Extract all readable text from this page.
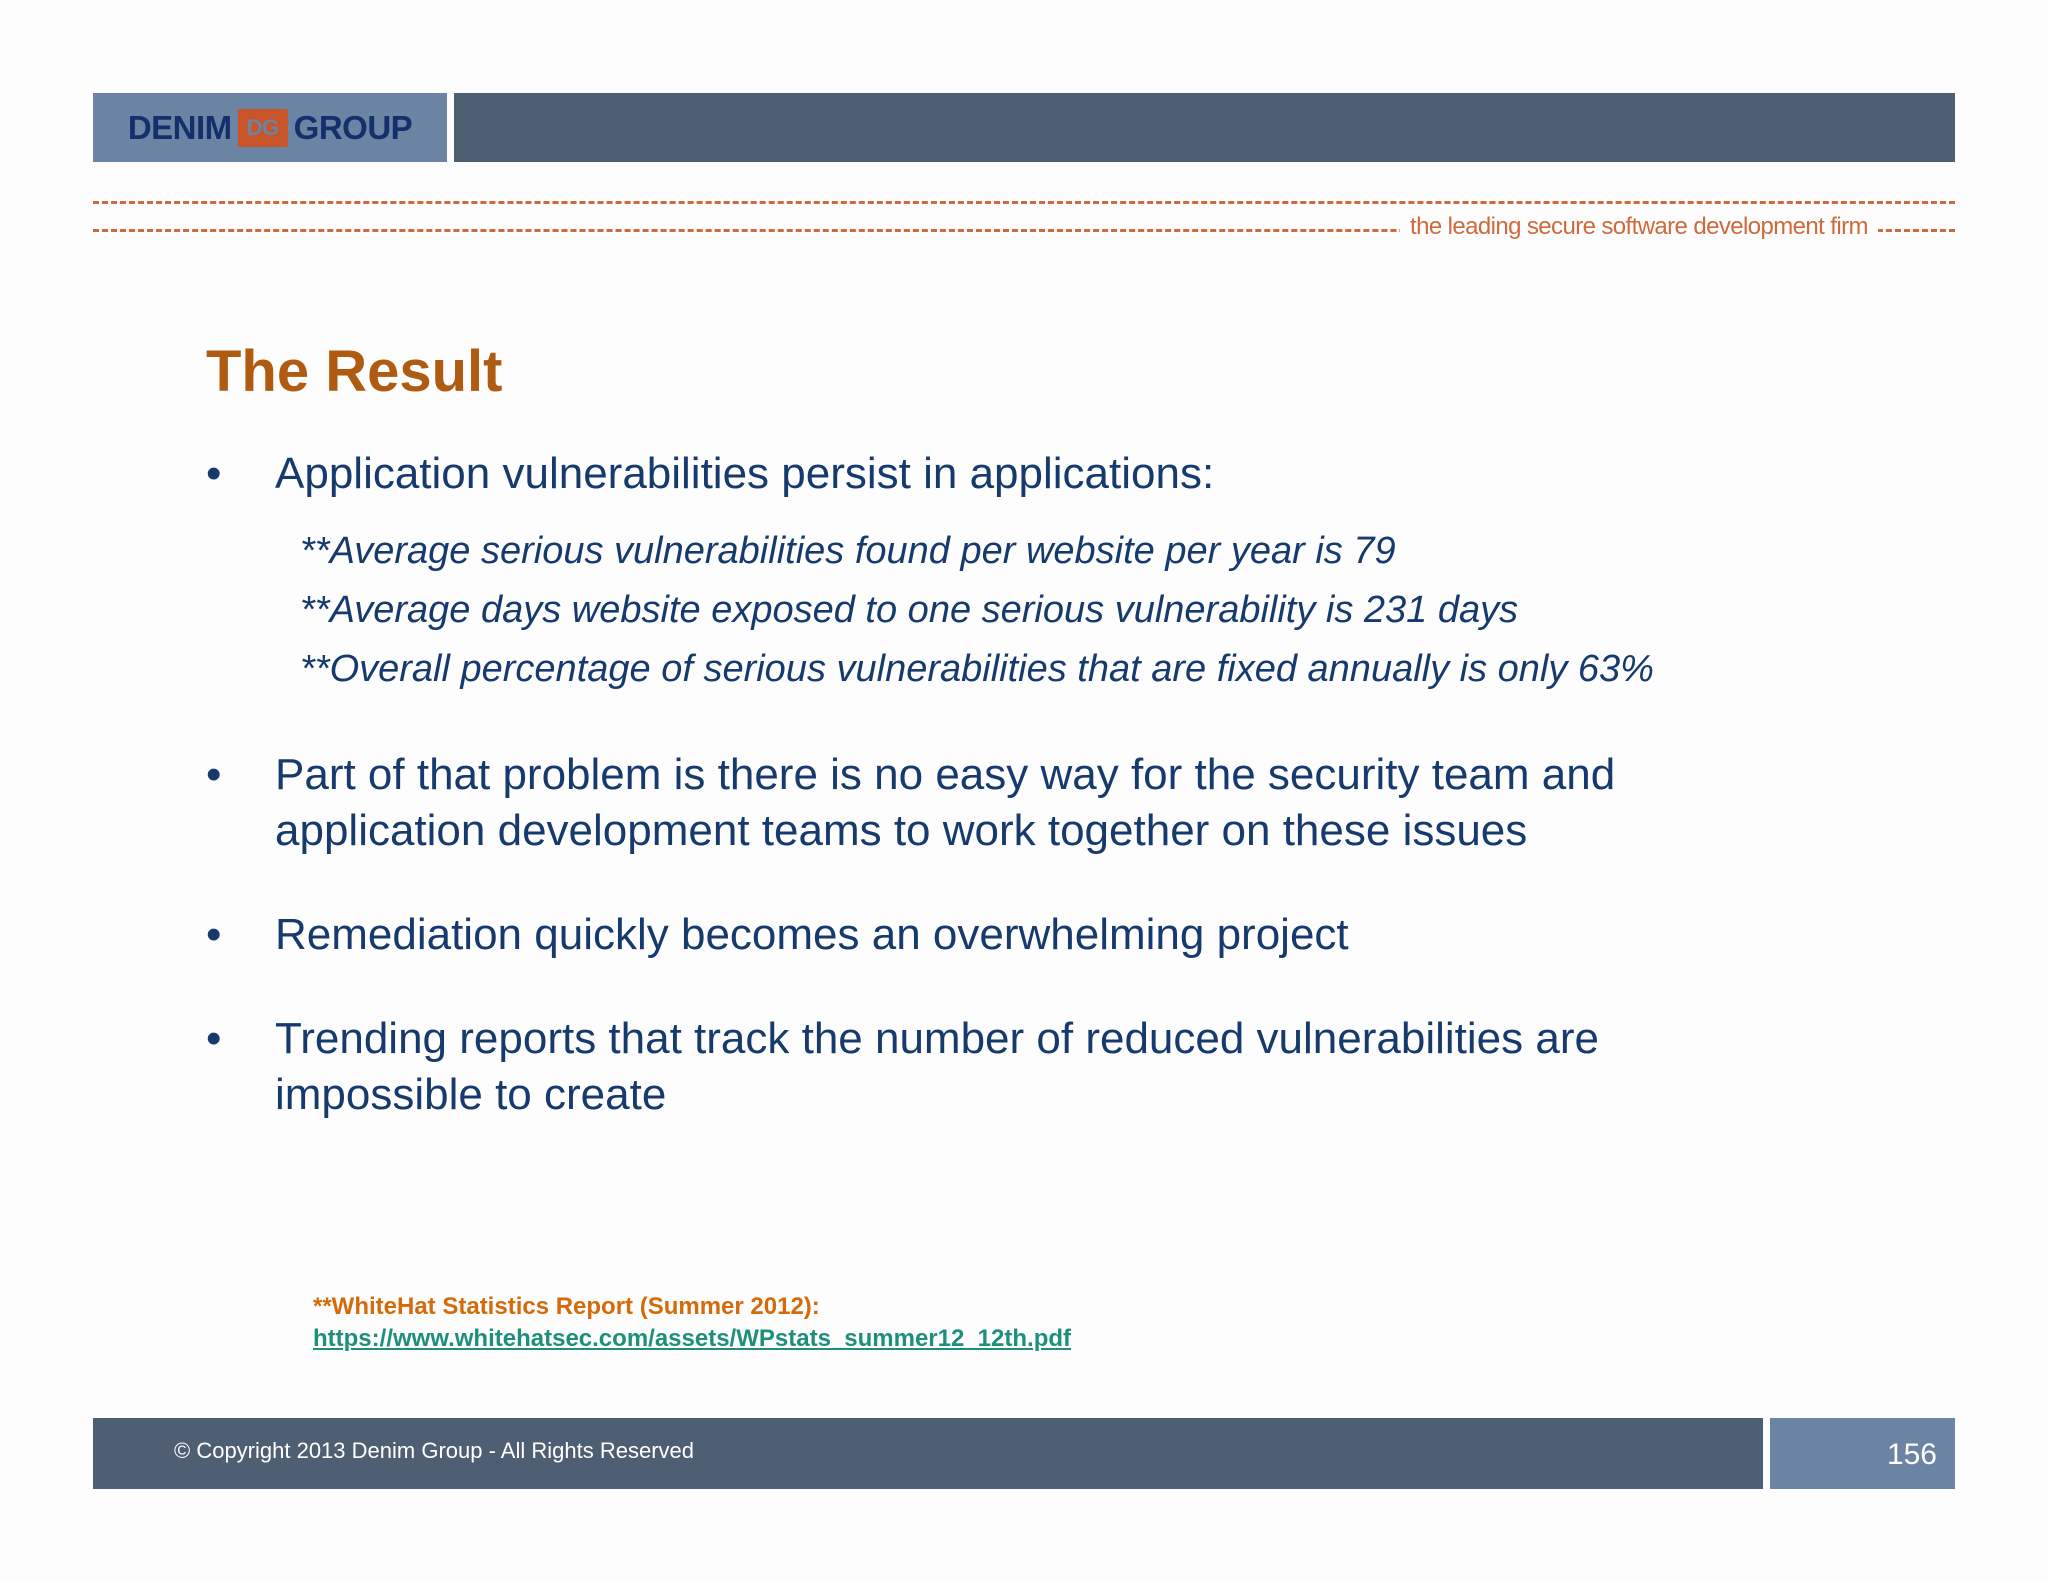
DENIM DG GROUP
the leading secure software development firm
The Result
•	Application vulnerabilities persist in applications:
**Average serious vulnerabilities found per website per year is 79
**Average days website exposed to one serious vulnerability is 231 days
**Overall percentage of serious vulnerabilities that are fixed annually is only 63%
•	Part of that problem is there is no easy way for the security team and application development teams to work together on these issues
•	Remediation quickly becomes an overwhelming project
•	Trending reports that track the number of reduced vulnerabilities are impossible to create
**WhiteHat Statistics Report (Summer 2012):
https://www.whitehatsec.com/assets/WPstats_summer12_12th.pdf
© Copyright 2013 Denim Group - All Rights Reserved	156
